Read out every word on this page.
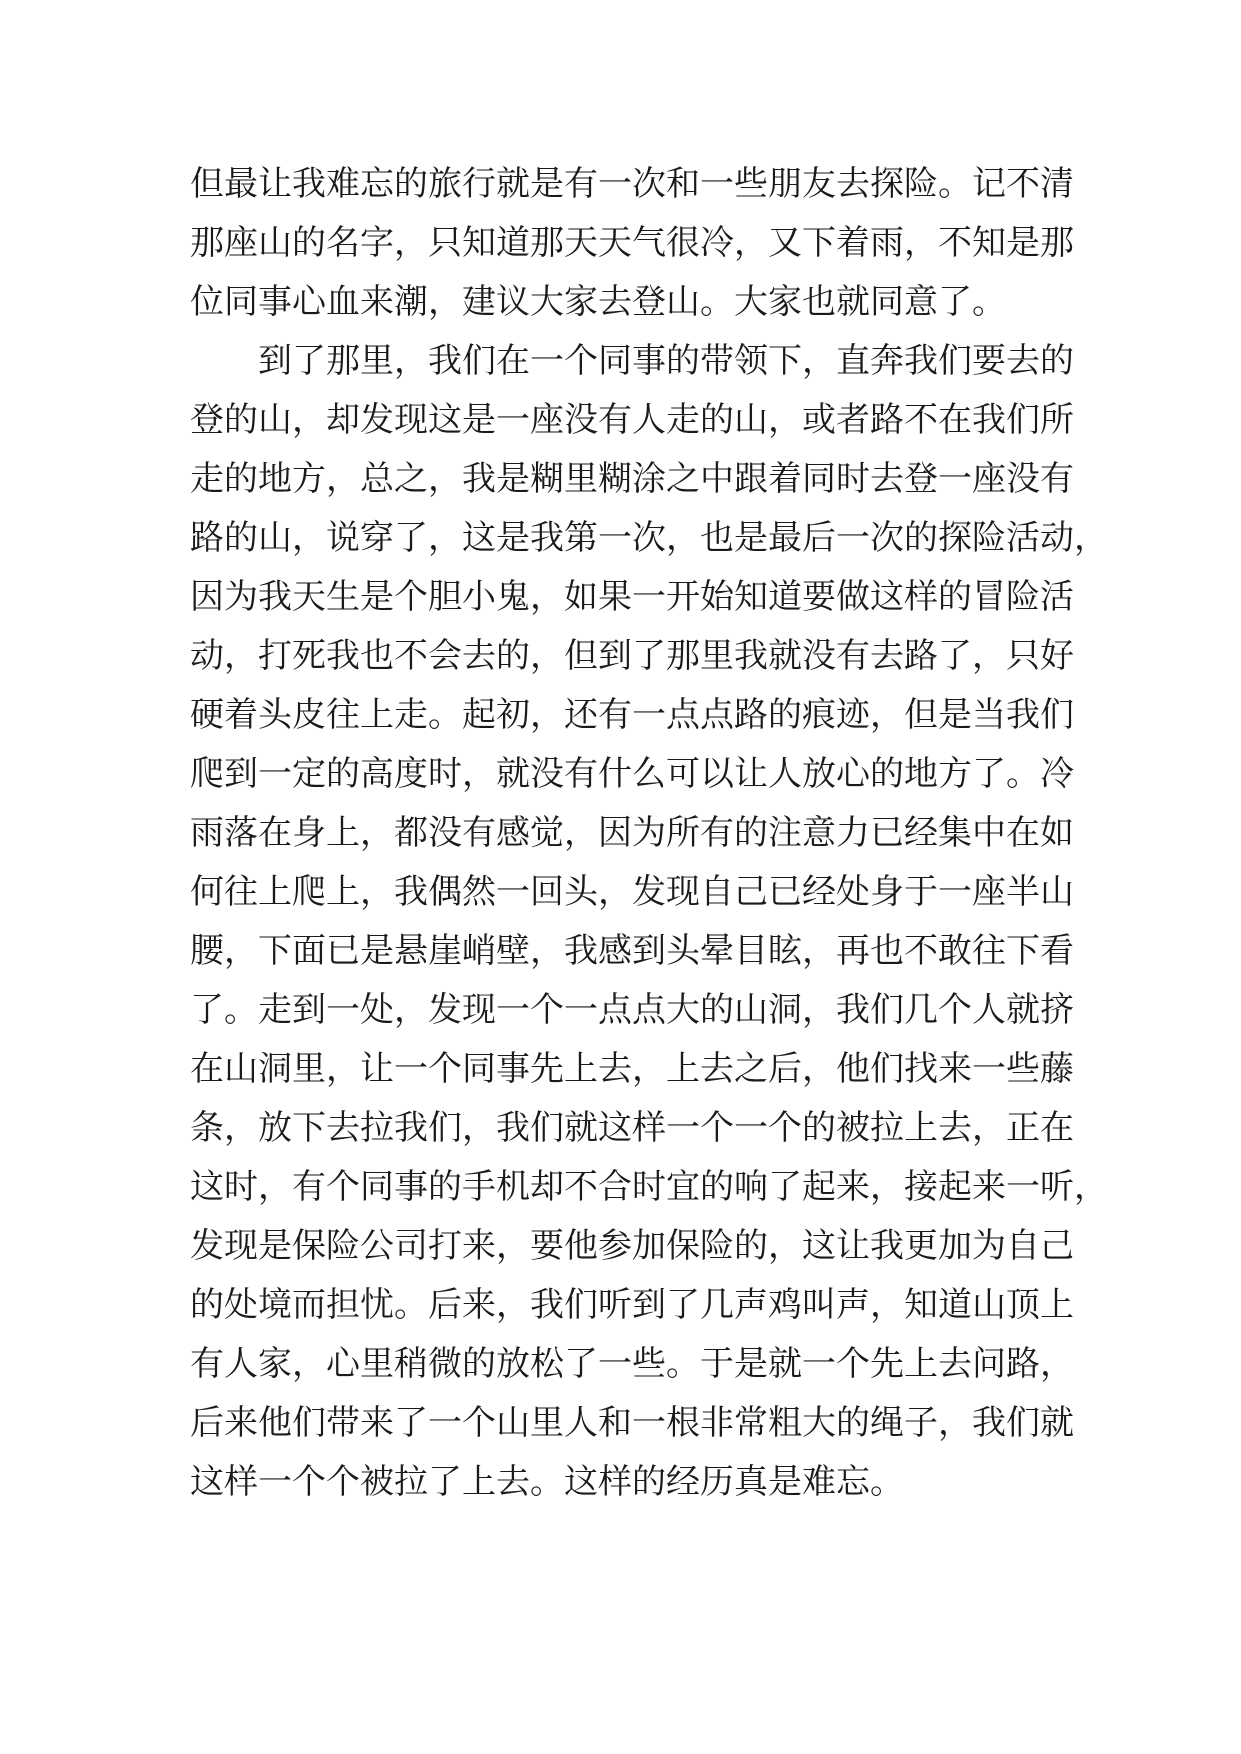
但最让我难忘的旅行就是有一次和一些朋友去探险。记不清
那座山的名字，只知道那天天气很冷，又下着雨，不知是那
位同事心血来潮，建议大家去登山。大家也就同意了。
到了那里，我们在一个同事的带领下，直奔我们要去的
登的山，却发现这是一座没有人走的山，或者路不在我们所
走的地方，总之，我是糊里糊涂之中跟着同时去登一座没有
路的山，说穿了，这是我第一次，也是最后一次的探险活动，
因为我天生是个胆小鬼，如果一开始知道要做这样的冒险活
动，打死我也不会去的，但到了那里我就没有去路了，只好
硬着头皮往上走。起初，还有一点点路的痕迹，但是当我们
爬到一定的高度时，就没有什么可以让人放心的地方了。冷
雨落在身上，都没有感觉，因为所有的注意力已经集中在如
何往上爬上，我偶然一回头，发现自己已经处身于一座半山
腰，下面已是悬崖峭壁，我感到头晕目眩，再也不敢往下看
了。走到一处，发现一个一点点大的山洞，我们几个人就挤
在山洞里，让一个同事先上去，上去之后，他们找来一些藤
条，放下去拉我们，我们就这样一个一个的被拉上去，正在
这时，有个同事的手机却不合时宜的响了起来，接起来一听，
发现是保险公司打来，要他参加保险的，这让我更加为自己
的处境而担忧。后来，我们听到了几声鸡叫声，知道山顶上
有人家，心里稍微的放松了一些。于是就一个先上去问路，
后来他们带来了一个山里人和一根非常粗大的绳子，我们就
这样一个个被拉了上去。这样的经历真是难忘。
